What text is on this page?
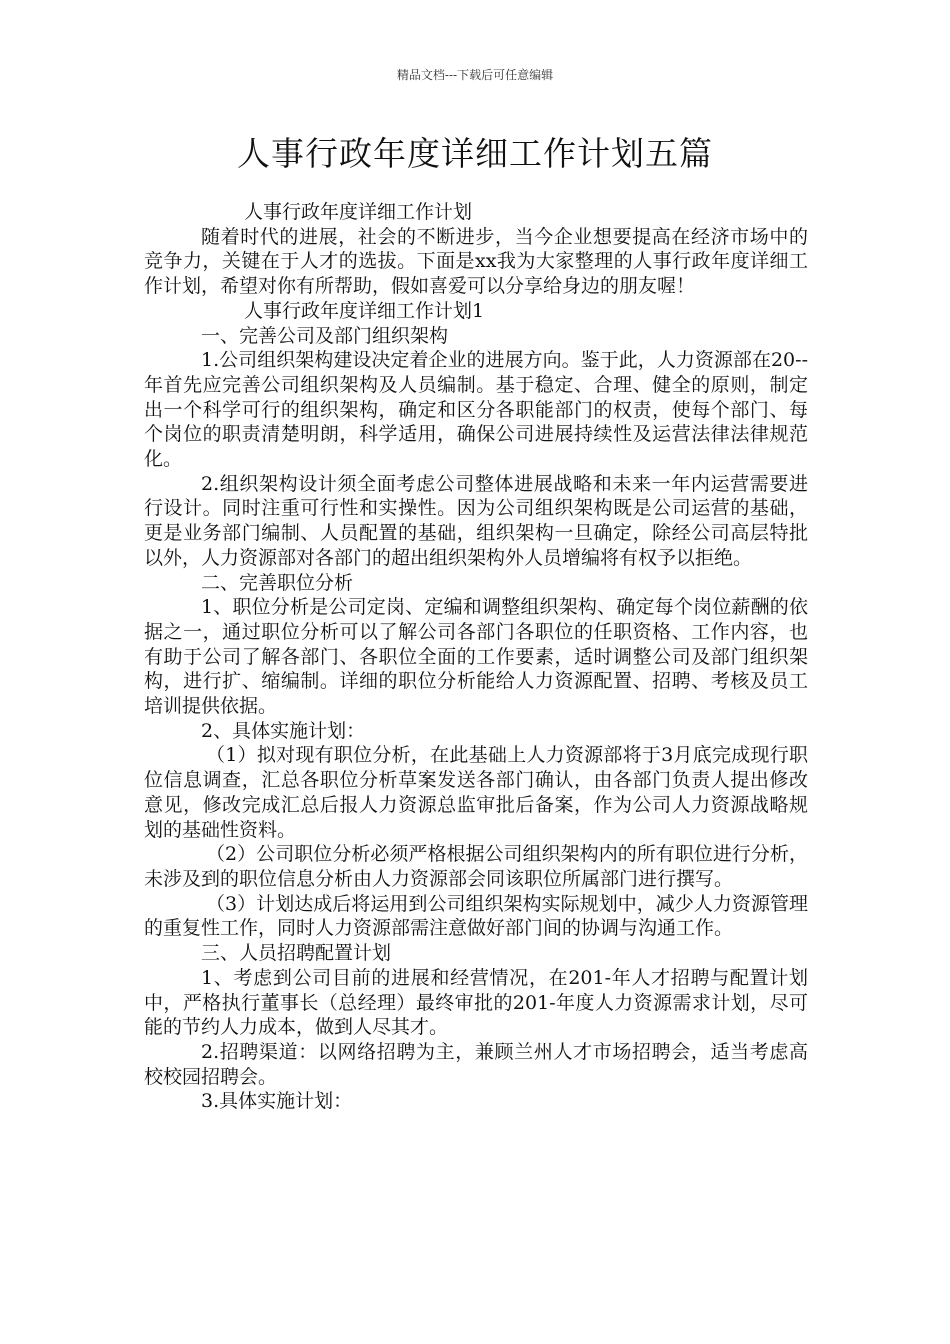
精品文档---下载后可任意编辑
人事行政年度详细工作计划五篇

人事行政年度详细工作计划

随着时代的进展，社会的不断进步，当今企业想要提高在经济市场中的竞争力，关键在于人才的选拔。下面是xx我为大家整理的人事行政年度详细工作计划，希望对你有所帮助，假如喜爱可以分享给身边的朋友喔！

人事行政年度详细工作计划1

一、完善公司及部门组织架构

1.公司组织架构建设决定着企业的进展方向。鉴于此，人力资源部在20--年首先应完善公司组织架构及人员编制。基于稳定、合理、健全的原则，制定出一个科学可行的组织架构，确定和区分各职能部门的权责，使每个部门、每个岗位的职责清楚明朗，科学适用，确保公司进展持续性及运营法律法律规范化。

2.组织架构设计须全面考虑公司整体进展战略和未来一年内运营需要进行设计。同时注重可行性和实操性。因为公司组织架构既是公司运营的基础，更是业务部门编制、人员配置的基础，组织架构一旦确定，除经公司高层特批以外，人力资源部对各部门的超出组织架构外人员增编将有权予以拒绝。

二、完善职位分析

1、职位分析是公司定岗、定编和调整组织架构、确定每个岗位薪酬的依据之一，通过职位分析可以了解公司各部门各职位的任职资格、工作内容，也有助于公司了解各部门、各职位全面的工作要素，适时调整公司及部门组织架构，进行扩、缩编制。详细的职位分析能给人力资源配置、招聘、考核及员工培训提供依据。

2、具体实施计划：

（1）拟对现有职位分析，在此基础上人力资源部将于3月底完成现行职位信息调查，汇总各职位分析草案发送各部门确认，由各部门负责人提出修改意见，修改完成汇总后报人力资源总监审批后备案，作为公司人力资源战略规划的基础性资料。

（2）公司职位分析必须严格根据公司组织架构内的所有职位进行分析，未涉及到的职位信息分析由人力资源部会同该职位所属部门进行撰写。

（3）计划达成后将运用到公司组织架构实际规划中，减少人力资源管理的重复性工作，同时人力资源部需注意做好部门间的协调与沟通工作。

三、人员招聘配置计划

1、考虑到公司目前的进展和经营情况，在201-年人才招聘与配置计划中，严格执行董事长（总经理）最终审批的201-年度人力资源需求计划，尽可能的节约人力成本，做到人尽其才。

2.招聘渠道：以网络招聘为主，兼顾兰州人才市场招聘会，适当考虑高校校园招聘会。

3.具体实施计划：
